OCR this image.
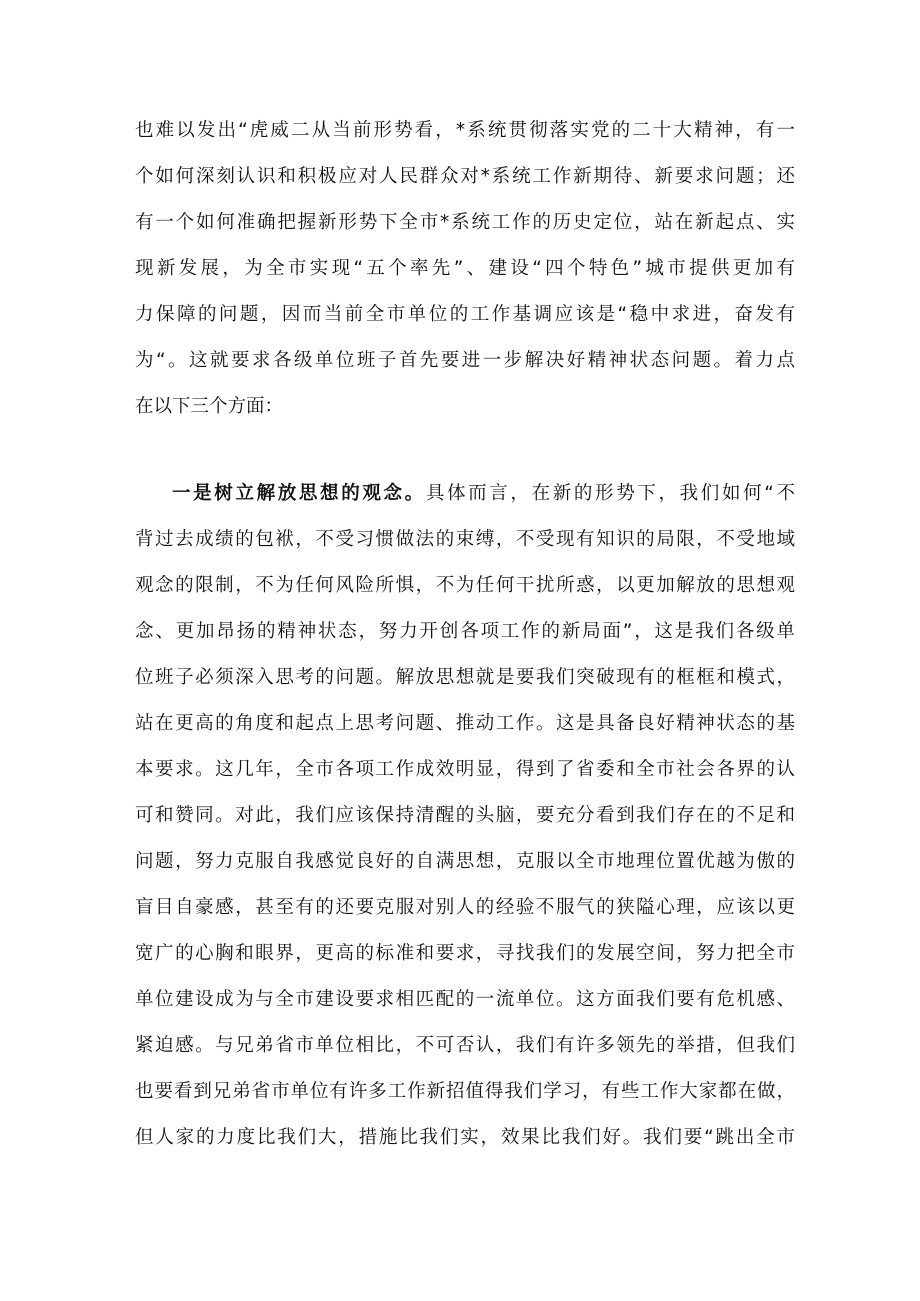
也难以发出“虎威二从当前形势看，*系统贯彻落实党的二十大精神，有一
个如何深刻认识和积极应对人民群众对*系统工作新期待、新要求问题；还
有一个如何准确把握新形势下全市*系统工作的历史定位，站在新起点、实
现新发展，为全市实现“五个率先”、建设“四个特色”城市提供更加有
力保障的问题，因而当前全市单位的工作基调应该是“稳中求进，奋发有
为“。这就要求各级单位班子首先要进一步解决好精神状态问题。着力点
在以下三个方面：
一是树立解放思想的观念。具体而言，在新的形势下，我们如何“不
背过去成绩的包袱，不受习惯做法的束缚，不受现有知识的局限，不受地域
观念的限制，不为任何风险所惧，不为任何干扰所惑，以更加解放的思想观
念、更加昂扬的精神状态，努力开创各项工作的新局面”，这是我们各级单
位班子必须深入思考的问题。解放思想就是要我们突破现有的框框和模式，
站在更高的角度和起点上思考问题、推动工作。这是具备良好精神状态的基
本要求。这几年，全市各项工作成效明显，得到了省委和全市社会各界的认
可和赞同。对此，我们应该保持清醒的头脑，要充分看到我们存在的不足和
问题，努力克服自我感觉良好的自满思想，克服以全市地理位置优越为傲的
盲目自豪感，甚至有的还要克服对别人的经验不服气的狭隘心理，应该以更
宽广的心胸和眼界，更高的标准和要求，寻找我们的发展空间，努力把全市
单位建设成为与全市建设要求相匹配的一流单位。这方面我们要有危机感、
紧迫感。与兄弟省市单位相比，不可否认，我们有许多领先的举措，但我们
也要看到兄弟省市单位有许多工作新招值得我们学习，有些工作大家都在做，
但人家的力度比我们大，措施比我们实，效果比我们好。我们要“跳出全市
